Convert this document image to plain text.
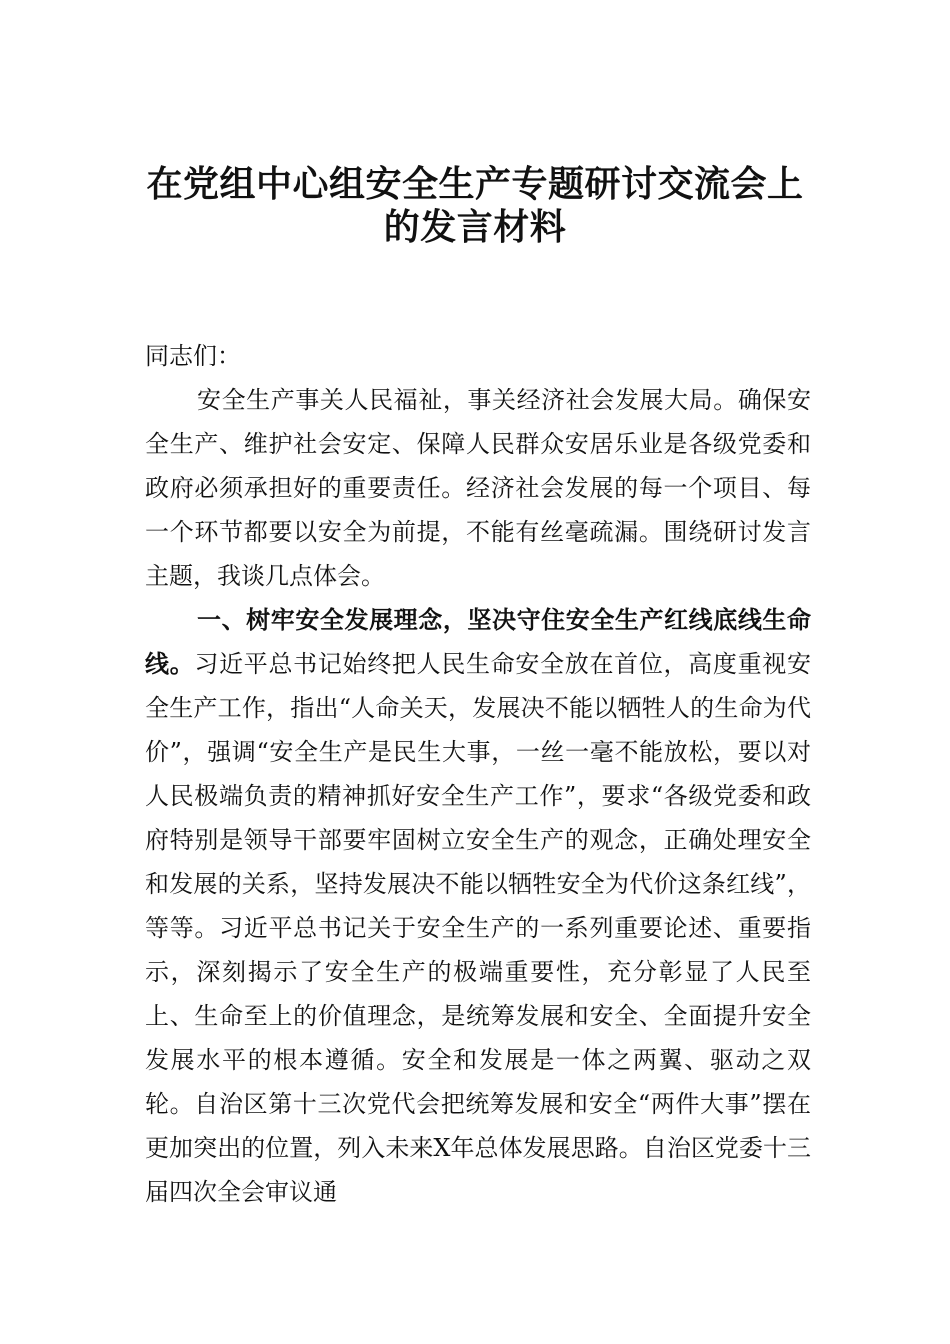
在党组中心组安全生产专题研讨交流会上
的发言材料

同志们：

安全生产事关人民福祉，事关经济社会发展大局。确保安全生产、维护社会安定、保障人民群众安居乐业是各级党委和政府必须承担好的重要责任。经济社会发展的每一个项目、每一个环节都要以安全为前提，不能有丝毫疏漏。围绕研讨发言主题，我谈几点体会。

一、树牢安全发展理念，坚决守住安全生产红线底线生命线。习近平总书记始终把人民生命安全放在首位，高度重视安全生产工作，指出“人命关天，发展决不能以牺牲人的生命为代价”，强调“安全生产是民生大事，一丝一毫不能放松，要以对人民极端负责的精神抓好安全生产工作”，要求“各级党委和政府特别是领导干部要牢固树立安全生产的观念，正确处理安全和发展的关系，坚持发展决不能以牺牲安全为代价这条红线”，等等。习近平总书记关于安全生产的一系列重要论述、重要指示，深刻揭示了安全生产的极端重要性，充分彰显了人民至上、生命至上的价值理念，是统筹发展和安全、全面提升安全发展水平的根本遵循。安全和发展是一体之两翼、驱动之双轮。自治区第十三次党代会把统筹发展和安全“两件大事”摆在更加突出的位置，列入未来X年总体发展思路。自治区党委十三届四次全会审议通
